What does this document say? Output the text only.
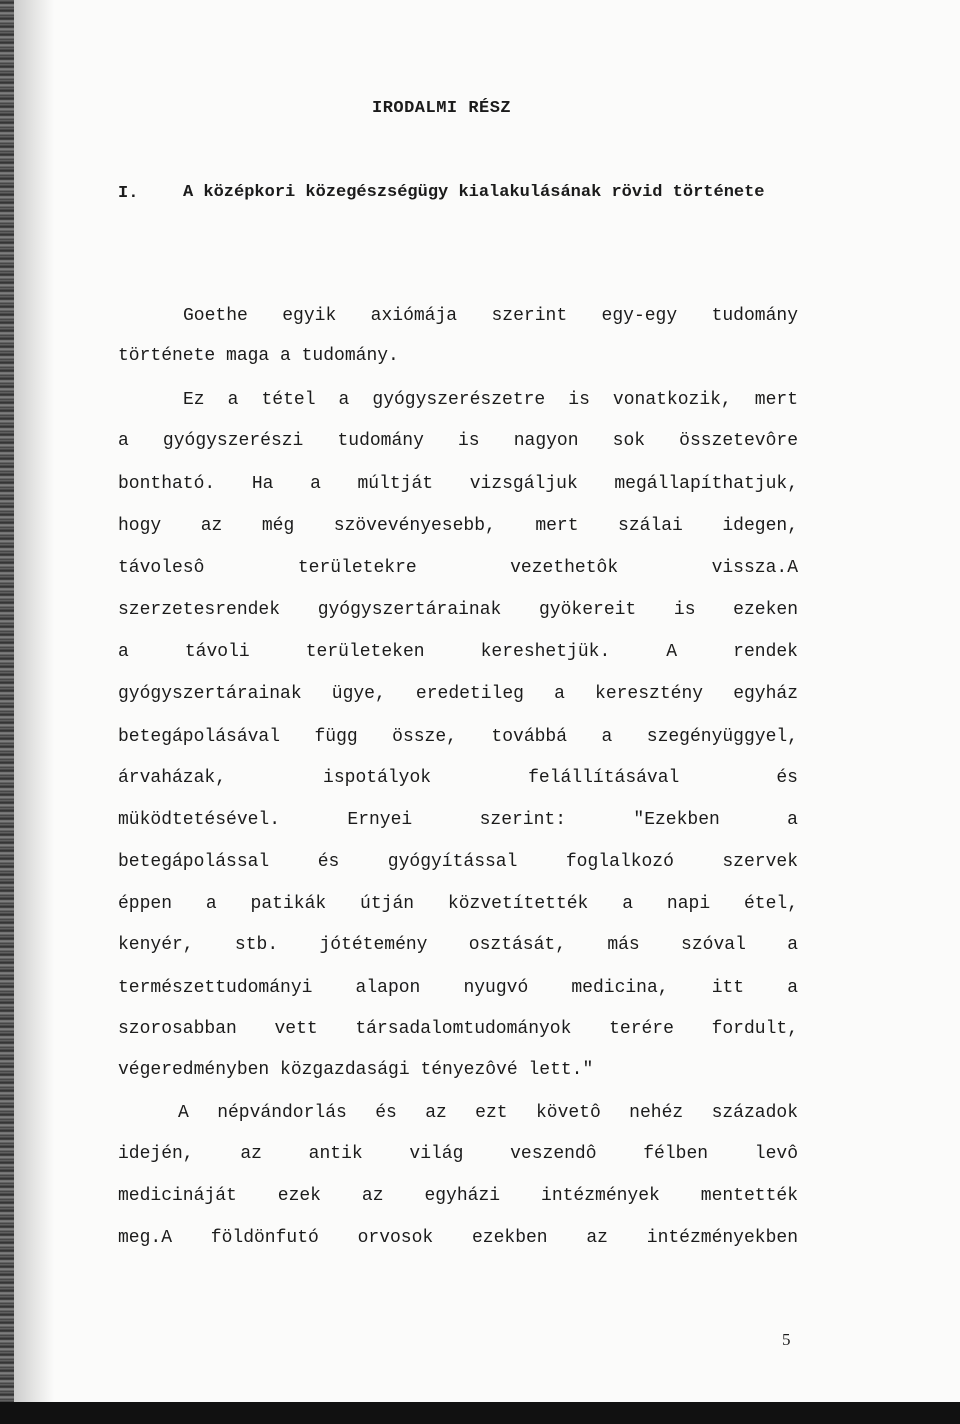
IRODALMI RÉSZ
I.	A középkori közegészségügy kialakulásának rövid története
Goethe egyik axiómája szerint egy-egy tudomány
története maga a tudomány.
Ez a tétel a gyógyszerészetre is vonatkozik, mert
a gyógyszerészi tudomány is nagyon sok összetevôre
bontható. Ha a múltját vizsgáljuk megállapíthatjuk,
hogy az még szövevényesebb, mert szálai idegen,
távolesô területekre vezethetôk vissza.A
szerzetesrendek gyógyszertárainak gyökereit is ezeken
a távoli területeken kereshetjük. A rendek
gyógyszertárainak ügye, eredetileg a keresztény egyház
betegápolásával függ össze, továbbá a szegényüggyel,
árvaházak, ispotályok felállításával és
müködtetésével. Ernyei szerint: "Ezekben a
betegápolással és gyógyítással foglalkozó szervek
éppen a patikák útján közvetítették a napi étel,
kenyér, stb. jótétemény osztását, más szóval a
természettudományi alapon nyugvó medicina, itt a
szorosabban vett társadalomtudományok terére fordult,
végeredményben közgazdasági tényezôvé lett."
A népvándorlás és az ezt követô nehéz századok
idején, az antik világ veszendô félben levô
medicináját ezek az egyházi intézmények mentették
meg.A földönfutó orvosok ezekben az intézményekben
5
